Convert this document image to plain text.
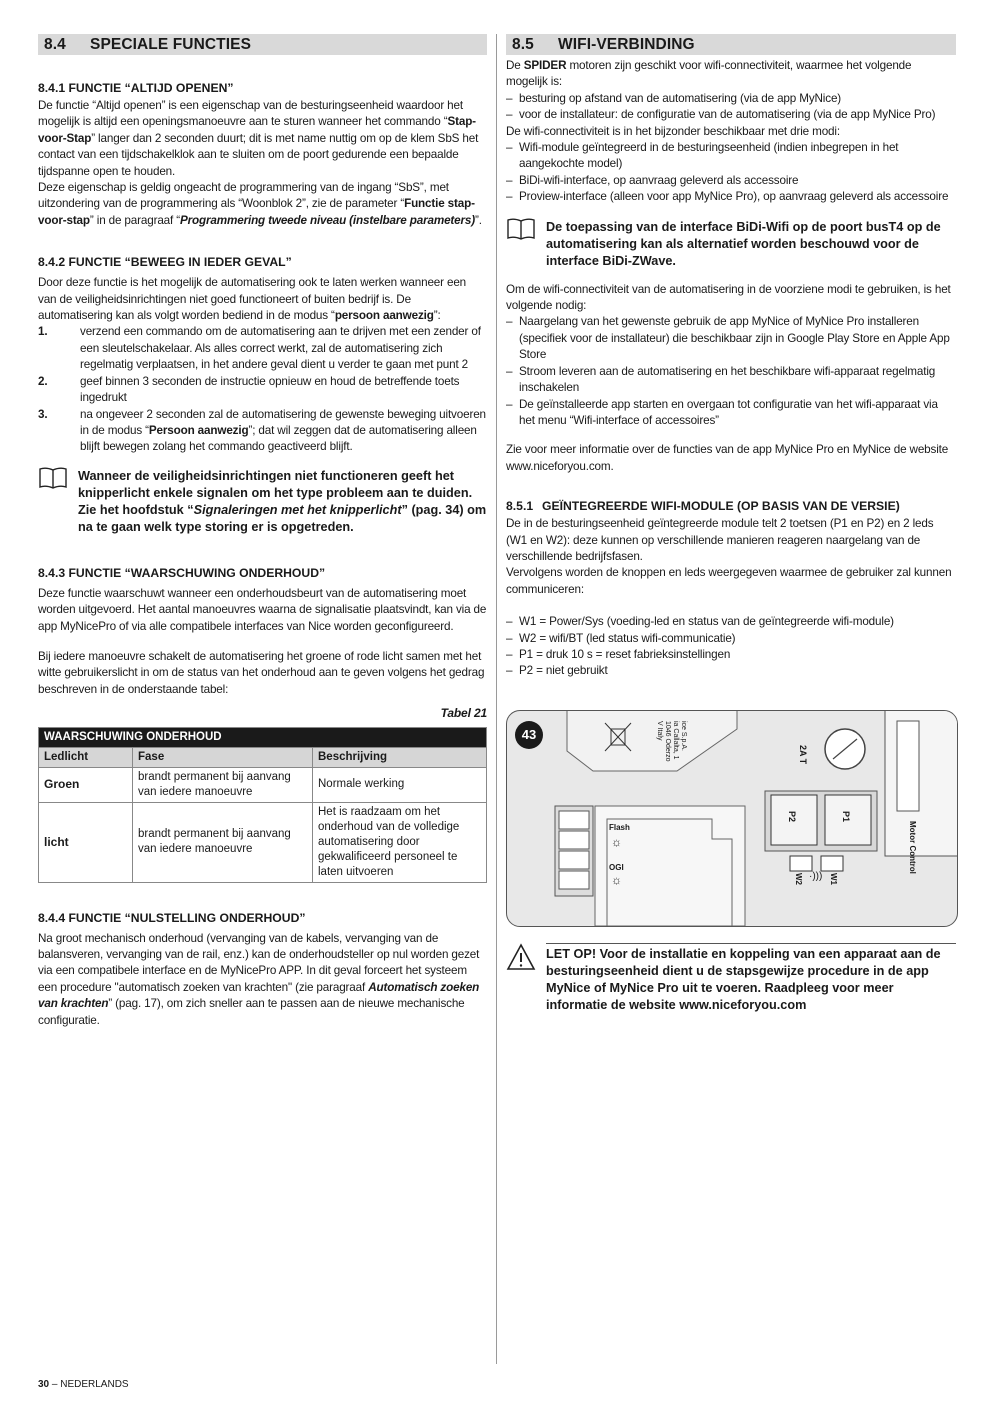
8.4	SPECIALE FUNCTIES
8.4.1 FUNCTIE “ALTIJD OPENEN”

De functie “Altijd openen” is een eigenschap van de besturingseenheid waardoor het mogelijk is altijd een openingsmanoeuvre aan te sturen wanneer het commando “Stap-voor-Stap” langer dan 2 seconden duurt; dit is met name nuttig om op de klem SbS het contact van een tijdschakelklok aan te sluiten om de poort gedurende een bepaalde tijdspanne open te houden.

Deze eigenschap is geldig ongeacht de programmering van de ingang “SbS”, met uitzondering van de programmering als “Woonblok 2”, zie de parameter “Functie stap-voor-stap” in de paragraaf “Programmering tweede niveau (instelbare parameters)”.

8.4.2 FUNCTIE “BEWEEG IN IEDER GEVAL”

Door deze functie is het mogelijk de automatisering ook te laten werken wanneer een van de veiligheidsinrichtingen niet goed functioneert of buiten bedrijf is. De automatisering kan als volgt worden bediend in de modus “persoon aanwezig”:

1.	verzend een commando om de automatisering aan te drijven met een zender of een sleutelschakelaar. Als alles correct werkt, zal de automatisering zich regelmatig verplaatsen, in het andere geval dient u verder te gaan met punt 2
2.	geef binnen 3 seconden de instructie opnieuw en houd de betreffende toets ingedrukt
3.	na ongeveer 2 seconden zal de automatisering de gewenste beweging uitvoeren in de modus “Persoon aanwezig”; dat wil zeggen dat de automatisering alleen blijft bewegen zolang het commando geactiveerd blijft.
Wanneer de veiligheidsinrichtingen niet functioneren geeft het knipperlicht enkele signalen om het type probleem aan te duiden. Zie het hoofdstuk “Signaleringen met het knipperlicht” (pag. 34) om na te gaan welk type storing er is opgetreden.
8.4.3 FUNCTIE “WAARSCHUWING ONDERHOUD”

Deze functie waarschuwt wanneer een onderhoudsbeurt van de automatisering moet worden uitgevoerd. Het aantal manoeuvres waarna de signalisatie plaatsvindt, kan via de app MyNicePro of via alle compatibele interfaces van Nice worden geconfigureerd.

Bij iedere manoeuvre schakelt de automatisering het groene of rode licht samen met het witte gebruikerslicht in om de status van het onderhoud aan te geven volgens het gedrag beschreven in de onderstaande tabel:

Tabel 21

WAARSCHUWING ONDERHOUD		
Ledlicht	Fase	Beschrijving
Groen	brandt permanent bij aanvang van iedere manoeuvre	Normale werking
licht	brandt permanent bij aanvang van iedere manoeuvre	Het is raadzaam om het onderhoud van de volledige automatisering door gekwalificeerd personeel te laten uitvoeren
8.4.4 FUNCTIE “NULSTELLING ONDERHOUD”

Na groot mechanisch onderhoud (vervanging van de kabels, vervanging van de balansveren, vervanging van de rail, enz.) kan de onderhoudsteller op nul worden gezet via een compatibele interface en de MyNicePro APP. In dit geval forceert het systeem een procedure "automatisch zoeken van krachten" (zie paragraaf Automatisch zoeken van krachten” (pag. 17), om zich sneller aan te passen aan de nieuwe mechanische configuratie.

8.5	WIFI-VERBINDING

De SPIDER motoren zijn geschikt voor wifi-connectiviteit, waarmee het volgende mogelijk is:

– besturing op afstand van de automatisering (via de app MyNice)
– voor de installateur: de configuratie van de automatisering (via de app MyNice Pro)

De wifi-connectiviteit is in het bijzonder beschikbaar met drie modi:

– Wifi-module geïntegreerd in de besturingseenheid (indien inbegrepen in het aangekochte model)
– BiDi-wifi-interface, op aanvraag geleverd als accessoire
– Proview-interface (alleen voor app MyNice Pro), op aanvraag geleverd als accessoire
De toepassing van de interface BiDi-Wifi op de poort busT4 op de automatisering kan als alternatief worden beschouwd voor de interface BiDi-ZWave.

Om de wifi-connectiviteit van de automatisering in de voorziene modi te gebruiken, is het volgende nodig:

– Naargelang van het gewenste gebruik de app MyNice of MyNice Pro installeren (specifiek voor de installateur) die beschikbaar zijn in Google Play Store en Apple App Store
– Stroom leveren aan de automatisering en het beschikbare wifi-apparaat regelmatig inschakelen
– De geïnstalleerde app starten en overgaan tot configuratie van het wifi-apparaat via het menu “Wifi-interface of accessoires”

Zie voor meer informatie over de functies van de app MyNice Pro en MyNice de website www.niceforyou.com.

8.5.1 GEÏNTEGREERDE WIFI-MODULE (OP BASIS VAN DE VERSIE)

De in de besturingseenheid geïntegreerde module telt 2 toetsen (P1 en P2) en 2 leds (W1 en W2): deze kunnen op verschillende manieren reageren naargelang van de verschillende bedrijfsfasen.

Vervolgens worden de knoppen en leds weergegeven waarmee de gebruiker zal kunnen communiceren:

– W1 = Power/Sys (voeding-led en status van de geïntegreerde wifi-module)
– W2 = wifi/BT (led status wifi-communicatie)
– P1 = druk 10 s = reset fabrieksinstellingen
– P2 = niet gebruikt
43	ice S.p.A.
ia Callalta, 1
1046 Oderzo
V Italy
2A T
P2	P1
Motor Control
Flash
☼
OGI
☼	W2 ·))) W1
LET OP! Voor de installatie en koppeling van een apparaat aan de besturingseenheid dient u de stapsgewijze procedure in de app MyNice of MyNice Pro uit te voeren. Raadpleeg voor meer informatie de website www.niceforyou.com
30 – NEDERLANDS
